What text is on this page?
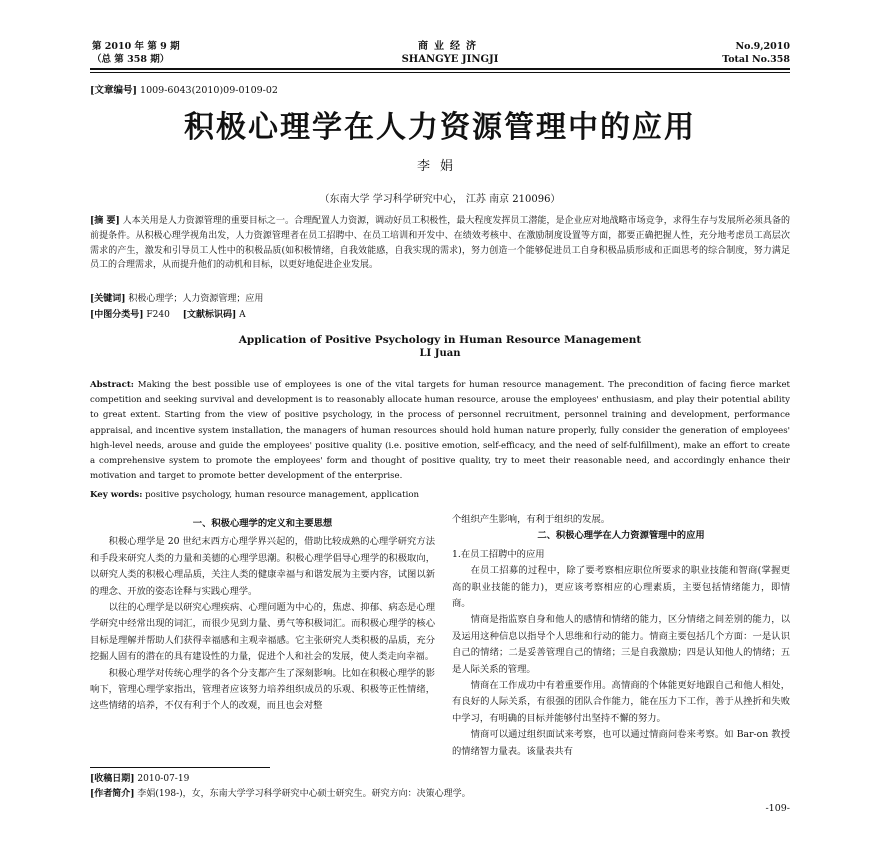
第 2010 年 第 9 期
（总 第 358 期）
商业经济
SHANGYE JINGJI
No.9,2010
Total No.358
[文章编号] 1009-6043(2010)09-0109-02
积极心理学在人力资源管理中的应用
李娟
（东南大学 学习科学研究中心， 江苏 南京 210096）
[摘 要] 人本关用是人力资源管理的重要目标之一。合理配置人力资源，调动好员工积极性，最大程度发挥员工潜能，是企业应对地战略市场竞争，求得生存与发展所必须具备的前提条件。从积极心理学视角出发，人力资源管理者在员工招聘中、在员工培训和开发中、在绩效考核中、在激励制度设置等方面，都要正确把握人性，充分地考虑员工高层次需求的产生，激发和引导员工人性中的积极品质(如积极情绪，自我效能感，自我实现的需求)，努力创造一个能够促进员工自身积极品质形成和正面思考的综合制度，努力满足员工的合理需求，从而提升他们的动机和目标，以更好地促进企业发展。
[关键词] 积极心理学；人力资源管理；应用
[中图分类号] F240 [文献标识码] A
Application of Positive Psychology in Human Resource Management
LI Juan
Abstract: Making the best possible use of employees is one of the vital targets for human resource management. The precondition of facing fierce market competition and seeking survival and development is to reasonably allocate human resource, arouse the employees' enthusiasm, and play their potential ability to great extent. Starting from the view of positive psychology, in the process of personnel recruitment, personnel training and development, performance appraisal, and incentive system installation, the managers of human resources should hold human nature properly, fully consider the generation of employees' high-level needs, arouse and guide the employees' positive quality (i.e. positive emotion, self-efficacy, and the need of self-fulfillment), make an effort to create a comprehensive system to promote the employees' form and thought of positive quality, try to meet their reasonable need, and accordingly enhance their motivation and target to promote better development of the enterprise.
Key words: positive psychology, human resource management, application
一、积极心理学的定义和主要思想

积极心理学是 20 世纪末西方心理学界兴起的，借助比较成熟的心理学研究方法和手段来研究人类的力量和美德的心理学思潮。积极心理学倡导心理学的积极取向，以研究人类的积极心理品质，关注人类的健康幸福与和谐发展为主要内容，试图以新的理念、开放的姿态诠释与实践心理学。

以往的心理学是以研究心理疾病、心理问题为中心的，焦虑、抑郁、病态是心理学研究中经常出现的词汇，而很少见到力量、勇气等积极词汇。而积极心理学的核心目标是理解并帮助人们获得幸福感和主观幸福感。它主张研究人类积极的品质，充分挖掘人固有的潜在的具有建设性的力量，促进个人和社会的发展，使人类走向幸福。

积极心理学对传统心理学的各个分支都产生了深刻影响。比如在积极心理学的影响下，管理心理学家指出，管理者应该努力培养组织成员的乐观、积极等正性情绪，这些情绪的培养，不仅有利于个人的改观，而且也会对整

个组织产生影响，有利于组织的发展。

二、积极心理学在人力资源管理中的应用
1.在员工招聘中的应用

在员工招募的过程中，除了要考察相应职位所要求的职业技能和智商(掌握更高的职业技能的能力)，更应该考察相应的心理素质，主要包括情绪能力，即情商。

情商是指监察自身和他人的感情和情绪的能力，区分情绪之间差别的能力，以及运用这种信息以指导个人思维和行动的能力。情商主要包括几个方面：一是认识自己的情绪；二是妥善管理自己的情绪；三是自我激励；四是认知他人的情绪；五是人际关系的管理。

情商在工作成功中有着重要作用。高情商的个体能更好地跟自己和他人相处，有良好的人际关系，有很强的团队合作能力，能在压力下工作，善于从挫折和失败中学习，有明确的目标并能够付出坚持不懈的努力。

情商可以通过组织面试来考察，也可以通过情商问卷来考察。如 Bar-on 教授的情绪智力量表。该量表共有

[收稿日期] 2010-07-19
[作者简介] 李娟(198-)，女，东南大学学习科学研究中心硕士研究生。研究方向：决策心理学。
-109-
